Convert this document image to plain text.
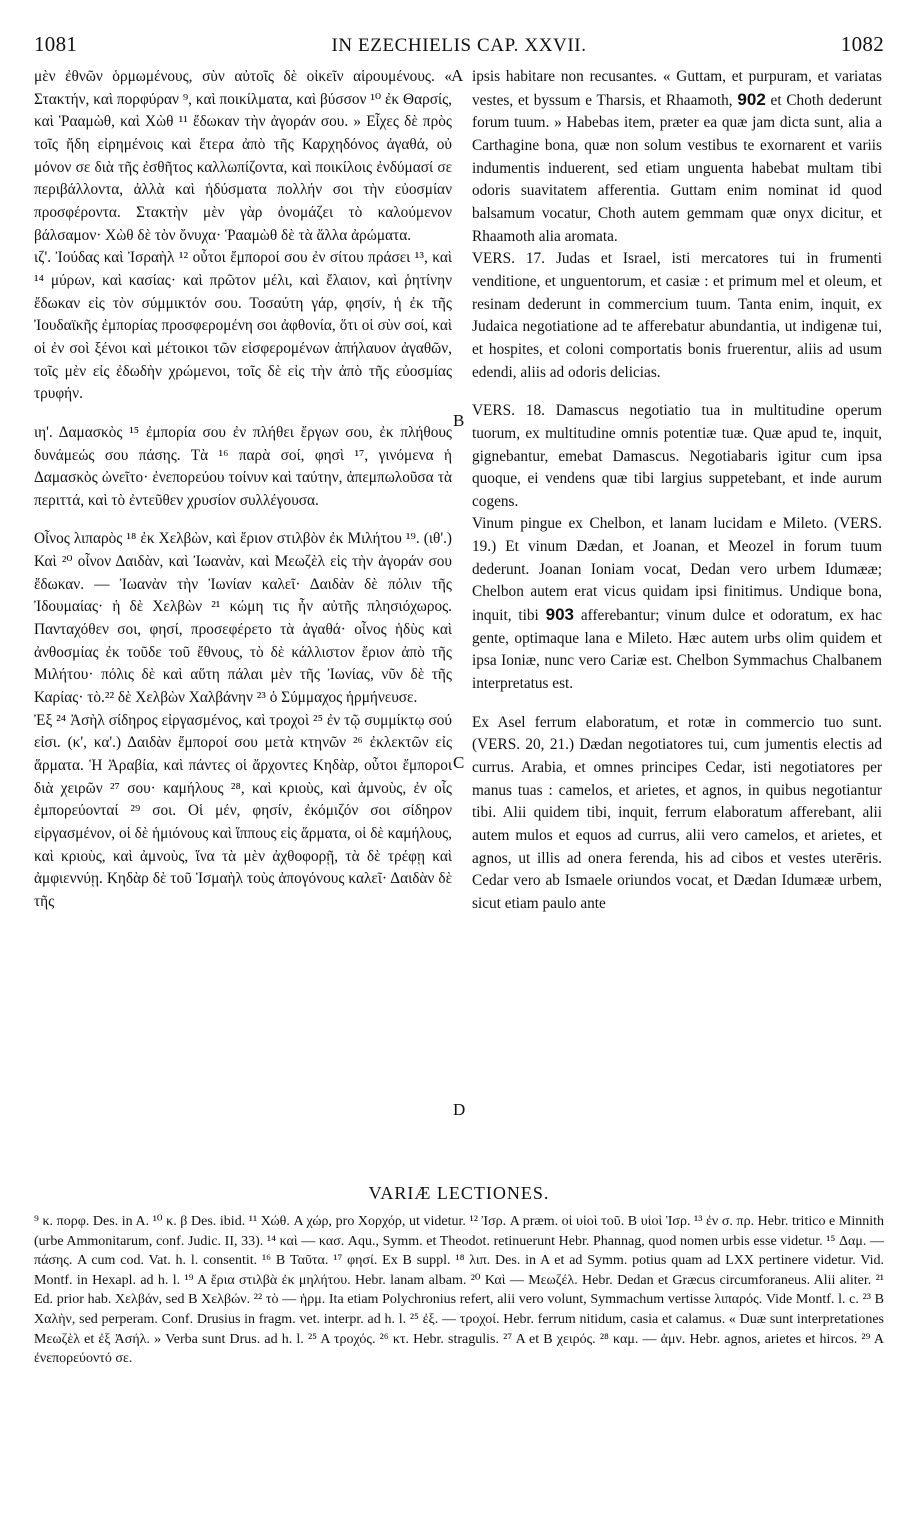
1081	IN EZECHIELIS CAP. XXVII.	1082

μὲν ἐθνῶν ὁρμωμένους, σὺν αὐτοῖς δὲ οἰκεῖν αἱρουμένους. « Στακτήν, καὶ πορφύραν ⁹, καὶ ποικίλματα, καὶ βύσσον ¹⁰ ἐκ Θαρσίς, καὶ Ῥααμὼθ, καὶ Χὼθ ¹¹ ἔδωκαν τὴν ἀγοράν σου. » Εἶχες δὲ πρὸς τοῖς ἤδη εἰρημένοις καὶ ἕτερα ἀπὸ τῆς Καρχηδόνος ἀγαθά, οὐ μόνον σε διὰ τῆς ἐσθῆτος καλλωπίζοντα, καὶ ποικίλοις ἐνδύμασί σε περιβάλλοντα, ἀλλὰ καὶ ἡδύσματα πολλήν σοι τὴν εὐοσμίαν προσφέροντα. Στακτὴν μὲν γὰρ ὀνομάζει τὸ καλούμενον βάλσαμον· Χὼθ δὲ τὸν ὄνυχα· Ῥααμὼθ δὲ τὰ ἄλλα ἀρώματα.

ιζ'. Ἰούδας καὶ Ἰσραὴλ ¹² οὗτοι ἔμποροί σου ἐν σίτου πράσει ¹³, καὶ ¹⁴ μύρων, καὶ κασίας· καὶ πρῶτον μέλι, καὶ ἔλαιον, καὶ ῥητίνην ἔδωκαν εἰς τὸν σύμμικτόν σου. Τοσαύτη γάρ, φησίν, ἡ ἐκ τῆς Ἰουδαϊκῆς ἐμπορίας προσφερομένη σοι ἀφθονία, ὅτι οἱ σὺν σοί, καὶ οἱ ἐν σοὶ ξένοι καὶ μέτοικοι τῶν εἰσφερομένων ἀπήλαυον ἀγαθῶν, τοῖς μὲν εἰς ἐδωδὴν χρώμενοι, τοῖς δὲ εἰς τὴν ἀπὸ τῆς εὐοσμίας τρυφήν.

ιη'. Δαμασκὸς ¹⁵ ἐμπορία σου ἐν πλήθει ἔργων σου, ἐκ πλήθους δυνάμεώς σου πάσης. Τὰ ¹⁶ παρὰ σοί, φησὶ ¹⁷, γινόμενα ἡ Δαμασκὸς ὠνεῖτο· ἐνεπορεύου τοίνυν καὶ ταύτην, ἀπεμπωλοῦσα τὰ περιττά, καὶ τὸ ἐντεῦθεν χρυσίον συλλέγουσα.

Οἶνος λιπαρὸς ¹⁸ ἐκ Χελβὼν, καὶ ἔριον στιλβὸν ἐκ Μιλήτου ¹⁹. (ιθ'.) Καὶ ²⁰ οἶνον Δαιδὰν, καὶ Ἰωανὰν, καὶ Μεωζὲλ εἰς τὴν ἀγοράν σου ἔδωκαν. — Ἰωανὰν τὴν Ἰωνίαν καλεῖ· Δαιδὰν δὲ πόλιν τῆς Ἰδουμαίας· ἡ δὲ Χελβὼν ²¹ κώμη τις ἦν αὐτῆς πλησιόχωρος. Πανταχόθεν σοι, φησί, προσεφέρετο τὰ ἀγαθά· οἶνος ἡδὺς καὶ ἀνθοσμίας ἐκ τοῦδε τοῦ ἔθνους, τὸ δὲ κάλλιστον ἔριον ἀπὸ τῆς Μιλήτου· πόλις δὲ καὶ αὕτη πάλαι μὲν τῆς Ἰωνίας, νῦν δὲ τῆς Καρίας· τὸ.²² δὲ Χελβὼν Χαλβάνην ²³ ὁ Σύμμαχος ἡρμήνευσε.

Ἐξ ²⁴ Ἀσὴλ σίδηρος εἰργασμένος, καὶ τροχοὶ ²⁵ ἐν τῷ συμμίκτῳ σού εἰσι. (κ', κα'.) Δαιδὰν ἔμποροί σου μετὰ κτηνῶν ²⁶ ἐκλεκτῶν εἰς ἅρματα. Ἡ Ἀραβία, καὶ πάντες οἱ ἄρχοντες Κηδὰρ, οὗτοι ἔμποροι διὰ χειρῶν ²⁷ σου· καμήλους ²⁸, καὶ κριοὺς, καὶ ἀμνοὺς, ἐν οἷς ἐμπορεύονταί ²⁹ σοι. Οἱ μέν, φησίν, ἐκόμιζόν σοι σίδηρον εἰργασμένον, οἱ δὲ ἡμιόνους καὶ ἵππους εἰς ἅρματα, οἱ δὲ καμήλους, καὶ κριοὺς, καὶ ἀμνοὺς, ἵνα τὰ μὲν ἀχθοφορῇ, τὰ δὲ τρέφῃ καὶ ἀμφιεννύῃ. Κηδὰρ δὲ τοῦ Ἰσμαὴλ τοὺς ἀπογόνους καλεῖ· Δαιδὰν δὲ τῆς

A
B
C
D

ipsis habitare non recusantes. « Guttam, et purpuram, et variatas vestes, et byssum e Tharsis, et Rhaamoth, 902 et Choth dederunt forum tuum. » Habebas item, præter ea quæ jam dicta sunt, alia a Carthagine bona, quæ non solum vestibus te exornarent et variis indumentis induerent, sed etiam unguenta habebat multam tibi odoris suavitatem afferentia. Guttam enim nominat id quod balsamum vocatur, Choth autem gemmam quæ onyx dicitur, et Rhaamoth alia aromata.

VERS. 17. Judas et Israel, isti mercatores tui in frumenti venditione, et unguentorum, et casiæ : et primum mel et oleum, et resinam dederunt in commercium tuum. Tanta enim, inquit, ex Judaica negotiatione ad te afferebatur abundantia, ut indigenæ tui, et hospites, et coloni comportatis bonis fruerentur, aliis ad usum edendi, aliis ad odoris delicias.

VERS. 18. Damascus negotiatio tua in multitudine operum tuorum, ex multitudine omnis potentiæ tuæ. Quæ apud te, inquit, gignebantur, emebat Damascus. Negotiabaris igitur cum ipsa quoque, ei vendens quæ tibi largius suppetebant, et inde aurum cogens.

Vinum pingue ex Chelbon, et lanam lucidam e Mileto. (VERS. 19.) Et vinum Dædan, et Joanan, et Meozel in forum tuum dederunt. Joanan Ioniam vocat, Dedan vero urbem Idumææ; Chelbon autem erat vicus quidam ipsi finitimus. Undique bona, inquit, tibi 903 afferebantur; vinum dulce et odoratum, ex hac gente, optimaque lana e Mileto. Hæc autem urbs olim quidem et ipsa Ioniæ, nunc vero Cariæ est. Chelbon Symmachus Chalbanem interpretatus est.

Ex Asel ferrum elaboratum, et rotæ in commercio tuo sunt. (VERS. 20, 21.) Dædan negotiatores tui, cum jumentis electis ad currus. Arabia, et omnes principes Cedar, isti negotiatores per manus tuas : camelos, et arietes, et agnos, in quibus negotiantur tibi. Alii quidem tibi, inquit, ferrum elaboratum afferebant, alii autem mulos et equos ad currus, alii vero camelos, et arietes, et agnos, ut illis ad onera ferenda, his ad cibos et vestes uterēris. Cedar vero ab Ismaele oriundos vocat, et Dædan Idumææ urbem, sicut etiam paulo ante

VARIÆ LECTIONES.
⁹ κ. πορφ. Des. in A. ¹⁰ κ. β Des. ibid. ¹¹ Χώθ. A χώρ, pro Χορχόρ, ut videtur. ¹² Ἰσρ. A præm. οἱ υἱοὶ τοῦ. B υἱοὶ Ἰσρ. ¹³ ἐν σ. πρ. Hebr. tritico e Minnith (urbe Ammonitarum, conf. Judic. II, 33). ¹⁴ καὶ — κασ. Aqu., Symm. et Theodot. retinuerunt Hebr. Phannag, quod nomen urbis esse videtur. ¹⁵ Δαμ. — πάσης. A cum cod. Vat. h. l. consentit. ¹⁶ B Ταῦτα. ¹⁷ φησί. Ex B suppl. ¹⁸ λιπ. Des. in A et ad Symm. potius quam ad LXX pertinere videtur. Vid. Montf. in Hexapl. ad h. l. ¹⁹ A ἔρια στιλβὰ ἐκ μηλήτου. Hebr. lanam albam. ²⁰ Καὶ — Μεωζέλ. Hebr. Dedan et Græcus circumforaneus. Alii aliter. ²¹ Ed. prior hab. Χελβάν, sed B Χελβών. ²² τὸ — ἡρμ. Ita etiam Polychronius refert, alii vero volunt, Symmachum vertisse λιπαρός. Vide Montf. l. c. ²³ B Χαλὴν, sed perperam. Conf. Drusius in fragm. vet. interpr. ad h. l. ²⁵ ἐξ. — τροχοί. Hebr. ferrum nitidum, casia et calamus. « Duæ sunt interpretationes Μεωζὲλ et ἐξ Ἀσήλ. » Verba sunt Drus. ad h. l. ²⁵ A τροχός. ²⁶ κτ. Hebr. stragulis. ²⁷ A et B χειρός. ²⁸ καμ. — ἀμν. Hebr. agnos, arietes et hircos. ²⁹ A ἐνεπορεύοντό σε.
